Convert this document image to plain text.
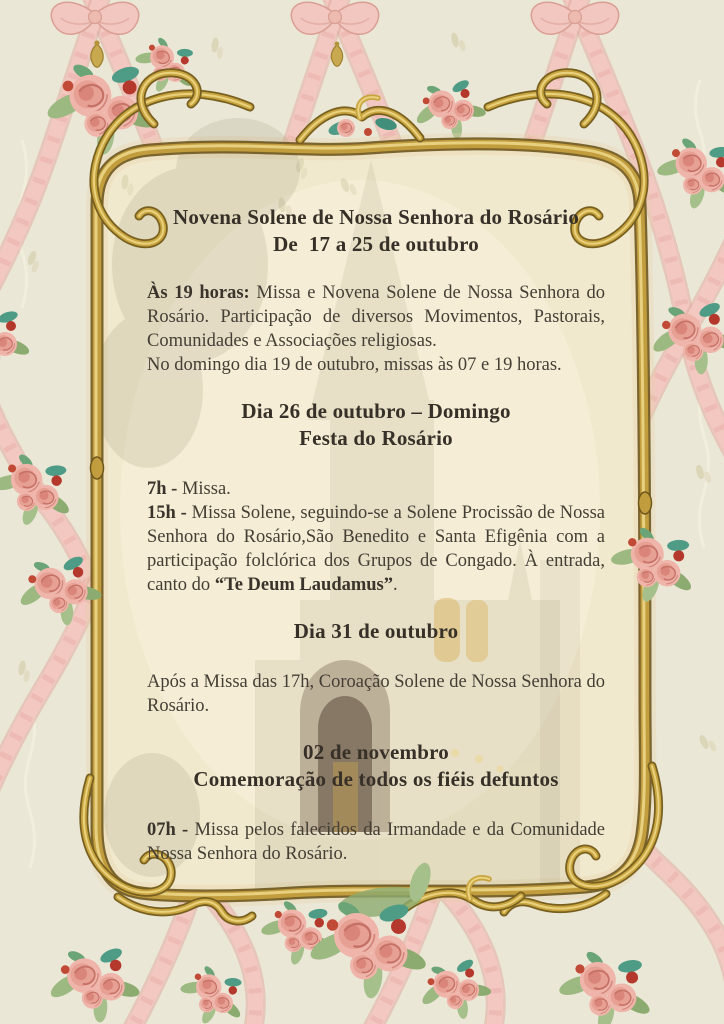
Novena Solene de Nossa Senhora do Rosário
De  17 a 25 de outubro

Às 19 horas: Missa e Novena Solene de Nossa Senhora do Rosário. Participação de diversos Movimentos, Pastorais, Comunidades e Associações religiosas.

No domingo dia 19 de outubro, missas às 07 e 19 horas.

Dia 26 de outubro – Domingo
Festa do Rosário

7h - Missa.

15h - Missa Solene, seguindo-se a Solene Procissão de Nossa Senhora do Rosário,São Benedito e Santa Efigênia com a participação folclórica dos Grupos de Congado. À entrada, canto do “Te Deum Laudamus”.

Dia 31 de outubro

Após a Missa das 17h, Coroação Solene de Nossa Senhora do Rosário.

02 de novembro
Comemoração de todos os fiéis defuntos

07h - Missa pelos falecidos da Irmandade e da Comunidade Nossa Senhora do Rosário.
